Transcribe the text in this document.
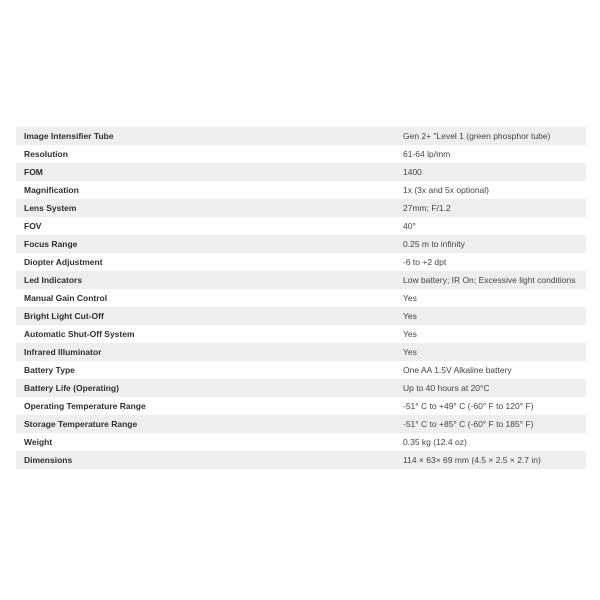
Image Intensifier Tube	Gen 2+ "Level 1 (green phosphor tube)
Resolution	61-64 lp/mm
FOM	1400
Magnification	1x (3x and 5x optional)
Lens System	27mm; F/1.2
FOV	40°
Focus Range	0.25 m to infinity
Diopter Adjustment	-6 to +2 dpt
Led Indicators	Low battery; IR On; Excessive light conditions
Manual Gain Control	Yes
Bright Light Cut-Off	Yes
Automatic Shut-Off System	Yes
Infrared Illuminator	Yes
Battery Type	One AA 1.5V Alkaline battery
Battery Life (Operating)	Up to 40 hours at 20°C
Operating Temperature Range	-51° C to +49° C (-60° F to 120° F)
Storage Temperature Range	-51° C to +85° C (-60° F to 185° F)
Weight	0.35 kg (12.4 oz)
Dimensions	114 × 63× 69 mm (4.5 × 2.5 × 2.7 in)
